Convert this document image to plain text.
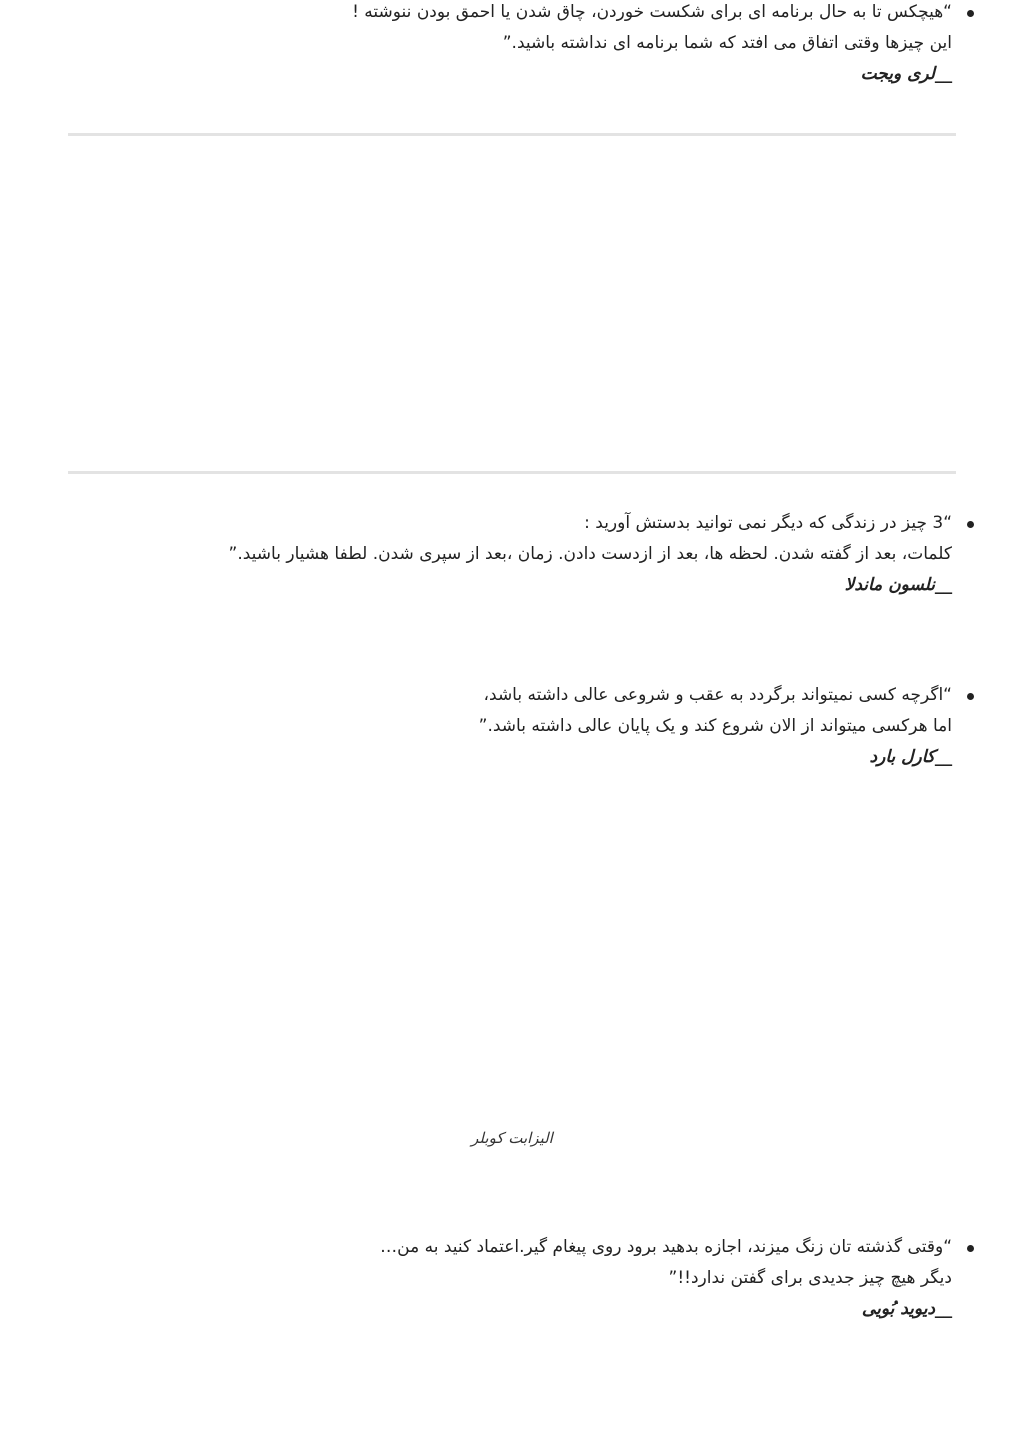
“هیچکس تا به حال برنامه ای برای شکست خوردن، چاق شدن یا احمق بودن ننوشته !
این چیزها وقتی اتفاق می افتد که شما برنامه ای نداشته باشید.”
__لری ویجت
“3 چیز در زندگی که دیگر نمی توانید بدستش آورید :
کلمات، بعد از گفته شدن. لحظه ها، بعد از ازدست دادن. زمان ،بعد از سپری شدن. لطفا هشیار باشید.”
__نلسون ماندلا
“اگرچه کسی نمیتواند برگردد به عقب و شروعی عالی داشته باشد،
اما هرکسی میتواند از الان شروع کند و یک پایان عالی داشته باشد.”
__کارل بارد
الیزابت کوبلر
“وقتی گذشته تان زنگ میزند، اجازه بدهید برود روی پیغام گیر.اعتماد کنید به من…
دیگر هیچ چیز جدیدی برای گفتن ندارد!!”
__دیوید بُویی
